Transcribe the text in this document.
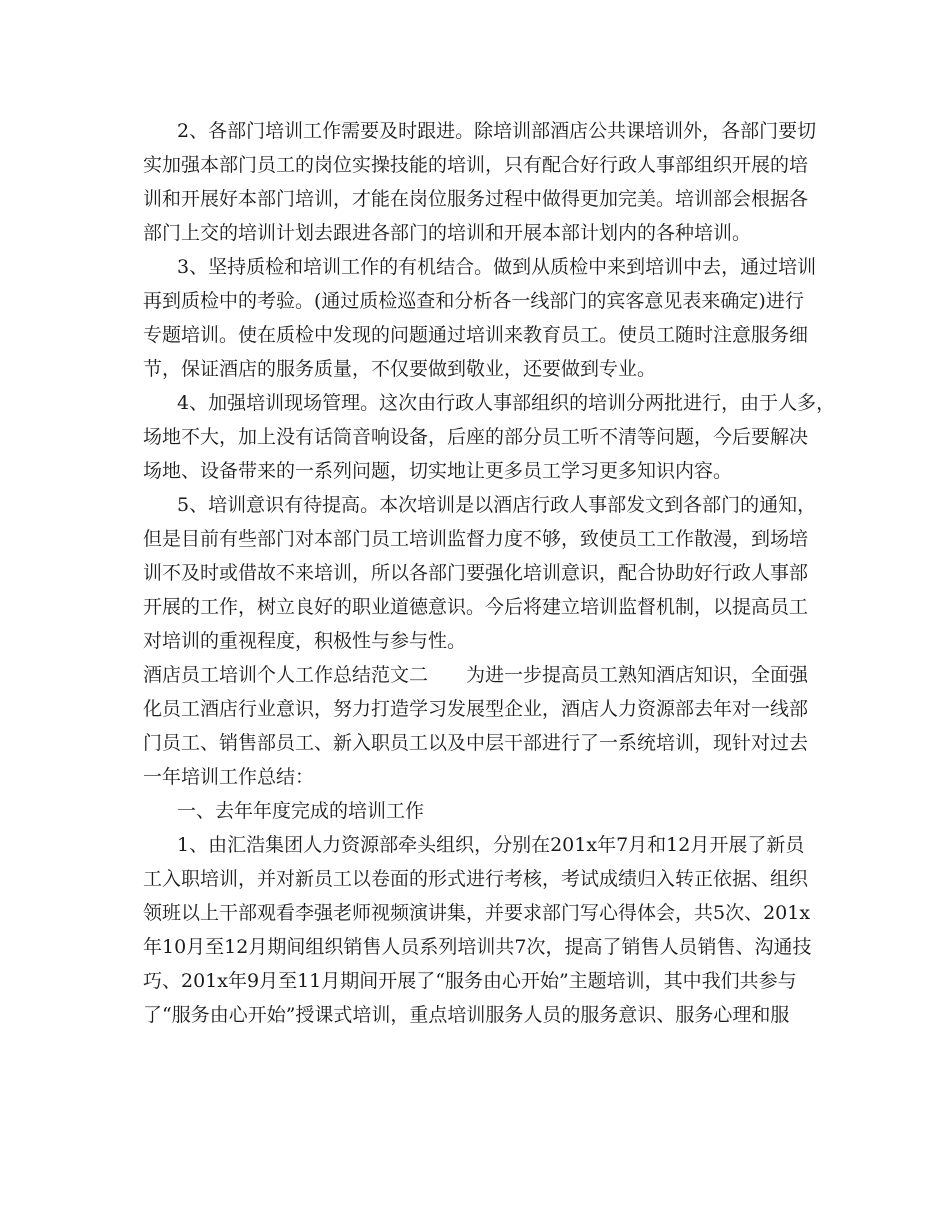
2、各部门培训工作需要及时跟进。除培训部酒店公共课培训外，各部门要切
实加强本部门员工的岗位实操技能的培训，只有配合好行政人事部组织开展的培
训和开展好本部门培训，才能在岗位服务过程中做得更加完美。培训部会根据各
部门上交的培训计划去跟进各部门的培训和开展本部计划内的各种培训。
3、坚持质检和培训工作的有机结合。做到从质检中来到培训中去，通过培训
再到质检中的考验。(通过质检巡查和分析各一线部门的宾客意见表来确定)进行
专题培训。使在质检中发现的问题通过培训来教育员工。使员工随时注意服务细
节，保证酒店的服务质量，不仅要做到敬业，还要做到专业。
4、加强培训现场管理。这次由行政人事部组织的培训分两批进行，由于人多，
场地不大，加上没有话筒音响设备，后座的部分员工听不清等问题，今后要解决
场地、设备带来的一系列问题，切实地让更多员工学习更多知识内容。
5、培训意识有待提高。本次培训是以酒店行政人事部发文到各部门的通知，
但是目前有些部门对本部门员工培训监督力度不够，致使员工工作散漫，到场培
训不及时或借故不来培训，所以各部门要强化培训意识，配合协助好行政人事部
开展的工作，树立良好的职业道德意识。今后将建立培训监督机制，以提高员工
对培训的重视程度，积极性与参与性。
酒店员工培训个人工作总结范文二　　为进一步提高员工熟知酒店知识，全面强
化员工酒店行业意识，努力打造学习发展型企业，酒店人力资源部去年对一线部
门员工、销售部员工、新入职员工以及中层干部进行了一系统培训，现针对过去
一年培训工作总结：
一、去年年度完成的培训工作
1、由汇浩集团人力资源部牵头组织，分别在201x年7月和12月开展了新员
工入职培训，并对新员工以卷面的形式进行考核，考试成绩归入转正依据、组织
领班以上干部观看李强老师视频演讲集，并要求部门写心得体会，共5次、201x
年10月至12月期间组织销售人员系列培训共7次，提高了销售人员销售、沟通技
巧、201x年9月至11月期间开展了“服务由心开始”主题培训，其中我们共参与
了“服务由心开始”授课式培训，重点培训服务人员的服务意识、服务心理和服
